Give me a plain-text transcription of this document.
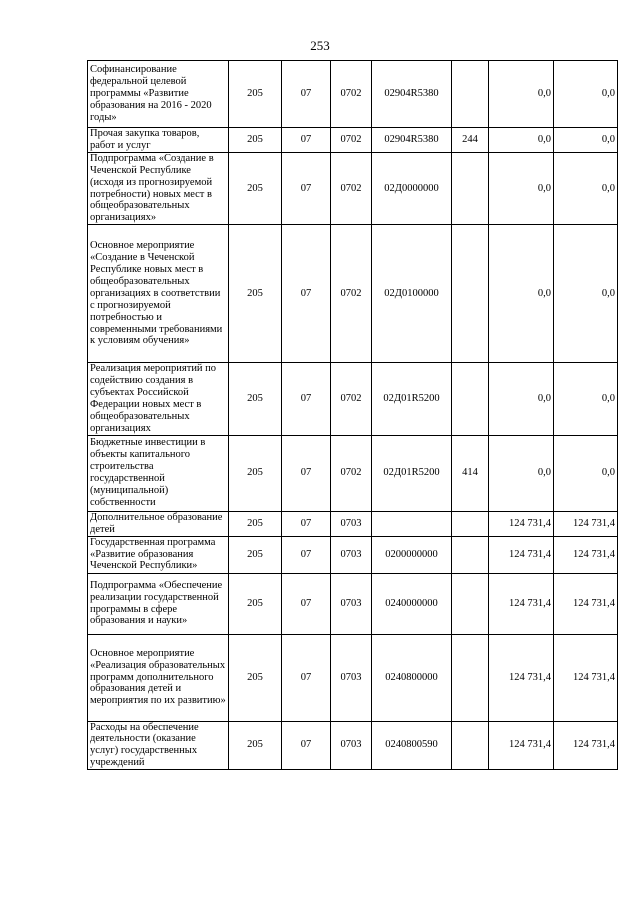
253
Софинансирование федеральной целевой программы «Развитие образования на 2016 - 2020 годы»	205	07	0702	02904R5380		0,0	0,0
Прочая закупка товаров, работ и услуг	205	07	0702	02904R5380	244	0,0	0,0
Подпрограмма «Создание в Чеченской Республике (исходя из прогнозируемой потребности) новых мест в общеобразовательных организациях»	205	07	0702	02Д0000000		0,0	0,0
Основное мероприятие «Создание в Чеченской Республике новых мест в общеобразовательных организациях в соответствии с прогнозируемой потребностью и современными требованиями к условиям обучения»	205	07	0702	02Д0100000		0,0	0,0
Реализация мероприятий по содействию создания в субъектах Российской Федерации новых мест в общеобразовательных организациях	205	07	0702	02Д01R5200		0,0	0,0
Бюджетные инвестиции в объекты капитального строительства государственной (муниципальной) собственности	205	07	0702	02Д01R5200	414	0,0	0,0
Дополнительное образование детей	205	07	0703			124 731,4	124 731,4
Государственная программа «Развитие образования Чеченской Республики»	205	07	0703	0200000000		124 731,4	124 731,4
Подпрограмма «Обеспечение реализации государственной программы в сфере образования и науки»	205	07	0703	0240000000		124 731,4	124 731,4
Основное мероприятие «Реализация образовательных программ дополнительного образования детей и мероприятия по их развитию»	205	07	0703	0240800000		124 731,4	124 731,4
Расходы на обеспечение деятельности (оказание услуг) государственных учреждений	205	07	0703	0240800590		124 731,4	124 731,4
